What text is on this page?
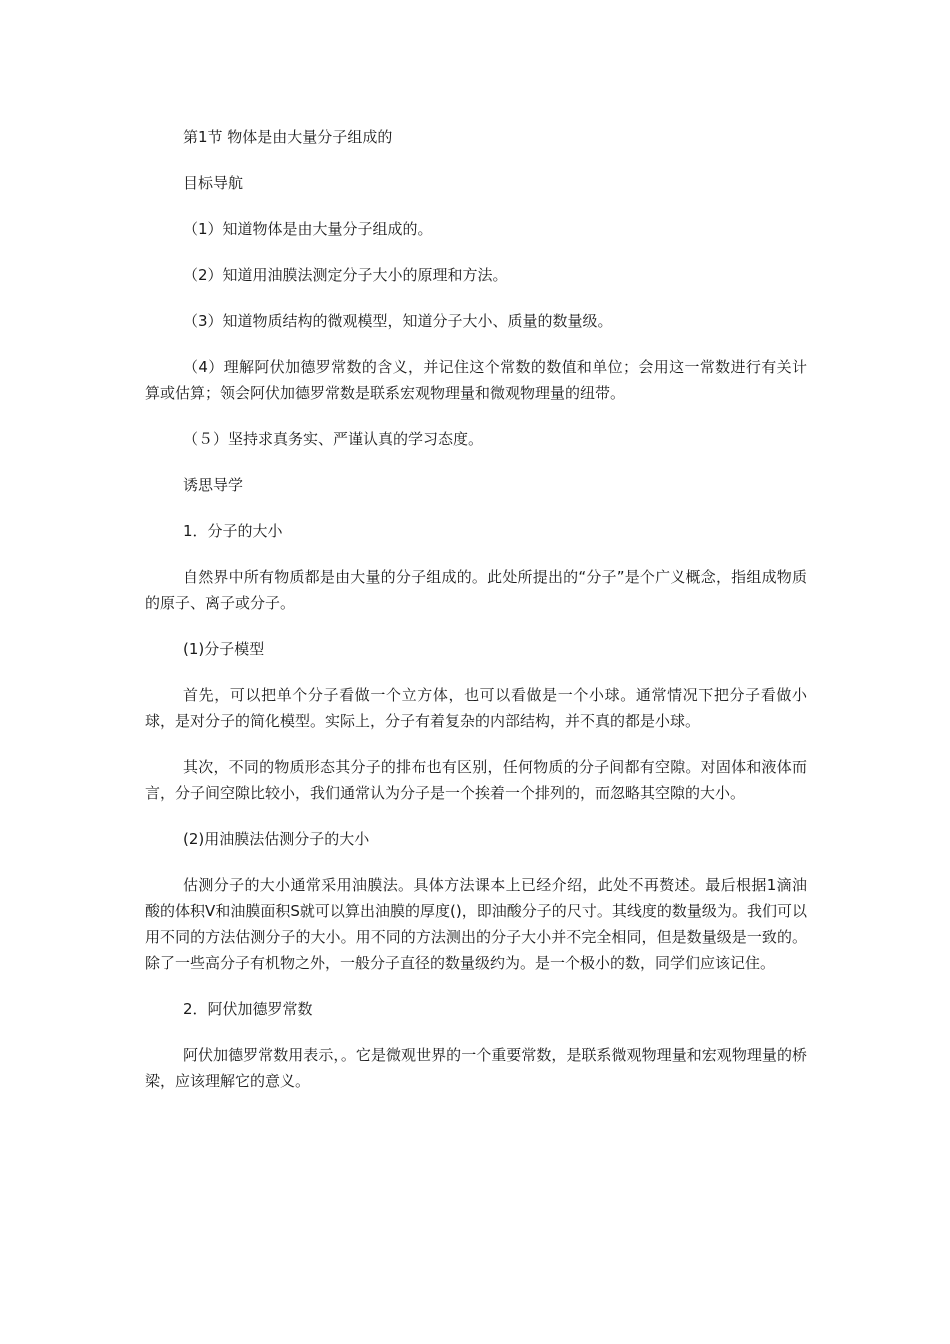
第1节 物体是由大量分子组成的

目标导航

（1）知道物体是由大量分子组成的。

（2）知道用油膜法测定分子大小的原理和方法。

（3）知道物质结构的微观模型，知道分子大小、质量的数量级。

（4）理解阿伏加德罗常数的含义，并记住这个常数的数值和单位；会用这一常数进行有关计算或估算；领会阿伏加德罗常数是联系宏观物理量和微观物理量的纽带。

（５）坚持求真务实、严谨认真的学习态度。

诱思导学

1．分子的大小

自然界中所有物质都是由大量的分子组成的。此处所提出的“分子”是个广义概念，指组成物质的原子、离子或分子。

(1)分子模型

首先，可以把单个分子看做一个立方体，也可以看做是一个小球。通常情况下把分子看做小球，是对分子的简化模型。实际上，分子有着复杂的内部结构，并不真的都是小球。

其次，不同的物质形态其分子的排布也有区别，任何物质的分子间都有空隙。对固体和液体而言，分子间空隙比较小，我们通常认为分子是一个挨着一个排列的，而忽略其空隙的大小。

(2)用油膜法估测分子的大小

估测分子的大小通常采用油膜法。具体方法课本上已经介绍，此处不再赘述。最后根据1滴油酸的体积V和油膜面积S就可以算出油膜的厚度()，即油酸分子的尺寸。其线度的数量级为。我们可以用不同的方法估测分子的大小。用不同的方法测出的分子大小并不完全相同，但是数量级是一致的。除了一些高分子有机物之外，一般分子直径的数量级约为。是一个极小的数，同学们应该记住。

2．阿伏加德罗常数

阿伏加德罗常数用表示，。它是微观世界的一个重要常数，是联系微观物理量和宏观物理量的桥梁，应该理解它的意义。
